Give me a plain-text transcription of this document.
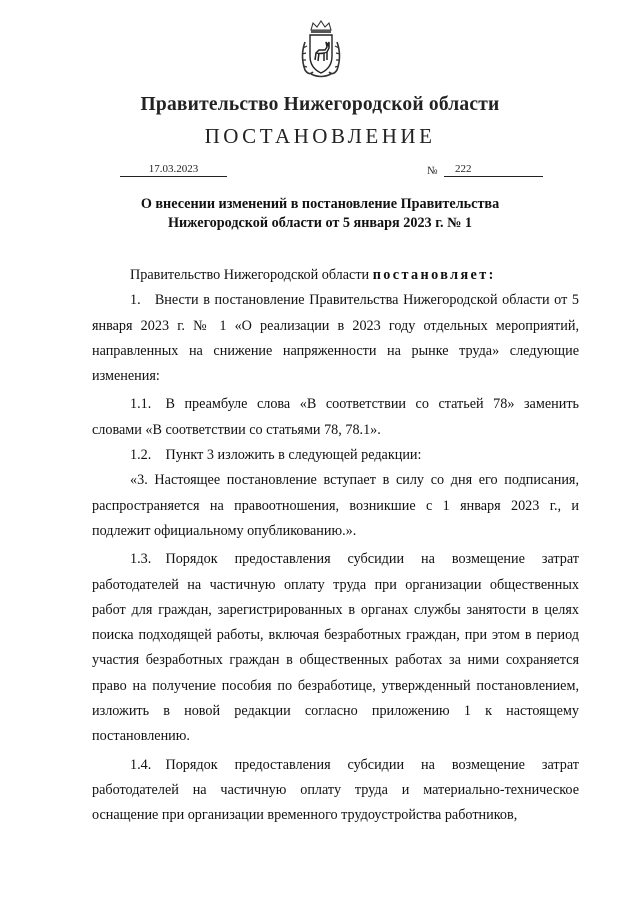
Правительство Нижегородской области
ПОСТАНОВЛЕНИЕ
17.03.2023	№	222
О внесении изменений в постановление Правительства
Нижегородской области от 5 января 2023 г. № 1

Правительство Нижегородской области постановляет:

1. Внести в постановление Правительства Нижегородской области от 5 января 2023 г. № 1 «О реализации в 2023 году отдельных мероприятий, направленных на снижение напряженности на рынке труда» следующие изменения:

1.1. В преамбуле слова «В соответствии со статьей 78» заменить словами «В соответствии со статьями 78, 78.1».

1.2. Пункт 3 изложить в следующей редакции:

«3. Настоящее постановление вступает в силу со дня его подписания, распространяется на правоотношения, возникшие с 1 января 2023 г., и подлежит официальному опубликованию.».

1.3. Порядок предоставления субсидии на возмещение затрат работодателей на частичную оплату труда при организации общественных работ для граждан, зарегистрированных в органах службы занятости в целях поиска подходящей работы, включая безработных граждан, при этом в период участия безработных граждан в общественных работах за ними сохраняется право на получение пособия по безработице, утвержденный постановлением, изложить в новой редакции согласно приложению 1 к настоящему постановлению.

1.4. Порядок предоставления субсидии на возмещение затрат работодателей на частичную оплату труда и материально-техническое оснащение при организации временного трудоустройства работников,
